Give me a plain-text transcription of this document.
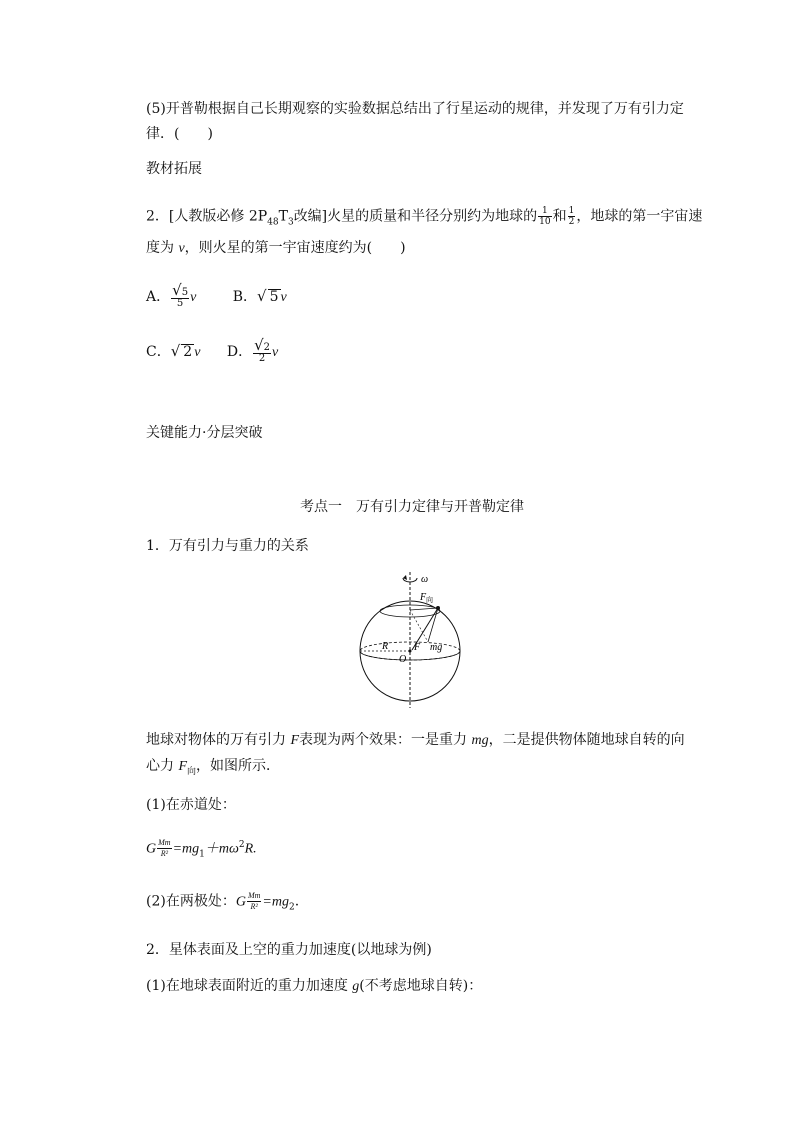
(5)开普勒根据自己长期观察的实验数据总结出了行星运动的规律，并发现了万有引力定
律．(　　)
教材拓展
2．[人教版必修 $2P_{48}T_3$改编]火星的质量和半径分别约为地球的 $\frac{1}{10}$ 和 $\frac{1}{2}$ ，地球的第一宇宙速
度为 v，则火星的第一宇宙速度约为(　　)
A． $\frac{√5}{5}$ v	B．√ 5 v
C．√ 2 v D． $\frac{√2}{2}$ v
关键能力·分层突破
考点一　万有引力定律与开普勒定律
1．万有引力与重力的关系
ω
F 向
R
O
F mg
地球对物体的万有引力 F表现为两个效果：一是重力 mg，二是提供物体随地球自转的向
心力 $F_向$，如图所示．
(1)在赤道处：
G $\frac{Mm}{\text{R²}} =mg_1+m\omega^2R$.
(2)在两极处：G $\frac{Mm}{\text{R²}} =mg_2$.
2．星体表面及上空的重力加速度(以地球为例)
(1)在地球表面附近的重力加速度 g(不考虑地球自转)：
